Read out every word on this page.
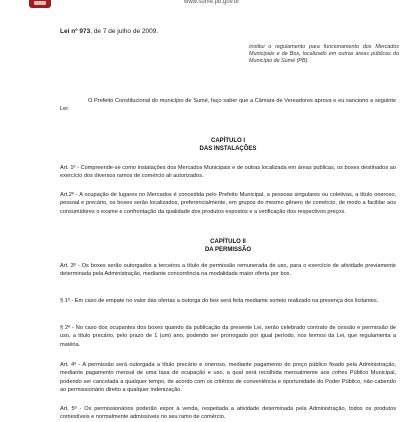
www.sume.pb.gov.br
Lei nº 973, de 7 de julho de 2009.
Institui o regulamento para funcionamento dos Mercados Municipais e de Box, localizado em outras áreas públicas do Município de Sumé (PB).
O Prefeito Constitucional do município de Sumé, faço saber que a Câmara de Vereadores aprova e eu sanciono a seguinte Lei:
CAPÍTULO I
DAS INSTALAÇÕES
Art. 1º - Compreende-se como instalações dos Mercados Municipais e de outras localizada em áreas publicas, os boxes destinados ao exercício dos diversos ramos de comércio ali autorizados.
Art.2º - A ocupação de lugares no Mercados é concedida pelo Prefeito Municipal, a pessoas singulares ou coletivas, a título oneroso, pessoal e precário, os boxes serão localizados, preferencialmente, em grupos do mesmo gênero de comércio, de modo a facilitar aos consumidores o exame e confrontação da qualidade dos produtos expostos e a verificação dos respectivos preços.
CAPÍTULO II
DA PERMISSÃO
Art. 3º - Os boxes serão outorgados a terceiros a título de permissão remunerada de uso, para o exercício de atividade previamente determinada pela Administração, mediante concorrência na modalidade maior oferta por box.
§ 1º - Em caso de empate no valor das ofertas a outorga do box será feita mediante sorteio realizado na presença dos licitantes.
§ 2º - No caso dos ocupantes dos boxes quando da publicação da presente Lei, serão celebrado contrato de cessão e permissão de uso, a título precário, pelo prazo de 1 (um) ano, podendo ser prorrogado por igual período, nos termos da Lei, que regulamenta a matéria.
Art. 4º - A permissão será outorgada a título precário e oneroso, mediante pagamento do preço público fixado pela Administração, mediante pagamento mensal de uma taxa de ocupação e uso, a qual será recolhida mensalmente aos cofres Público Municipal, podendo ser cancelada a qualquer tempo, de acordo com os critérios de conveniência e oportunidade do Poder Público, não cabendo ao permissionário direito a qualquer indenização.
Art. 5º - Os permissionários poderão expor à venda, respeitada a atividade determinada pela Administração, todos os produtos comestíveis e normalmente admissíveis no seu ramo de comércio.
